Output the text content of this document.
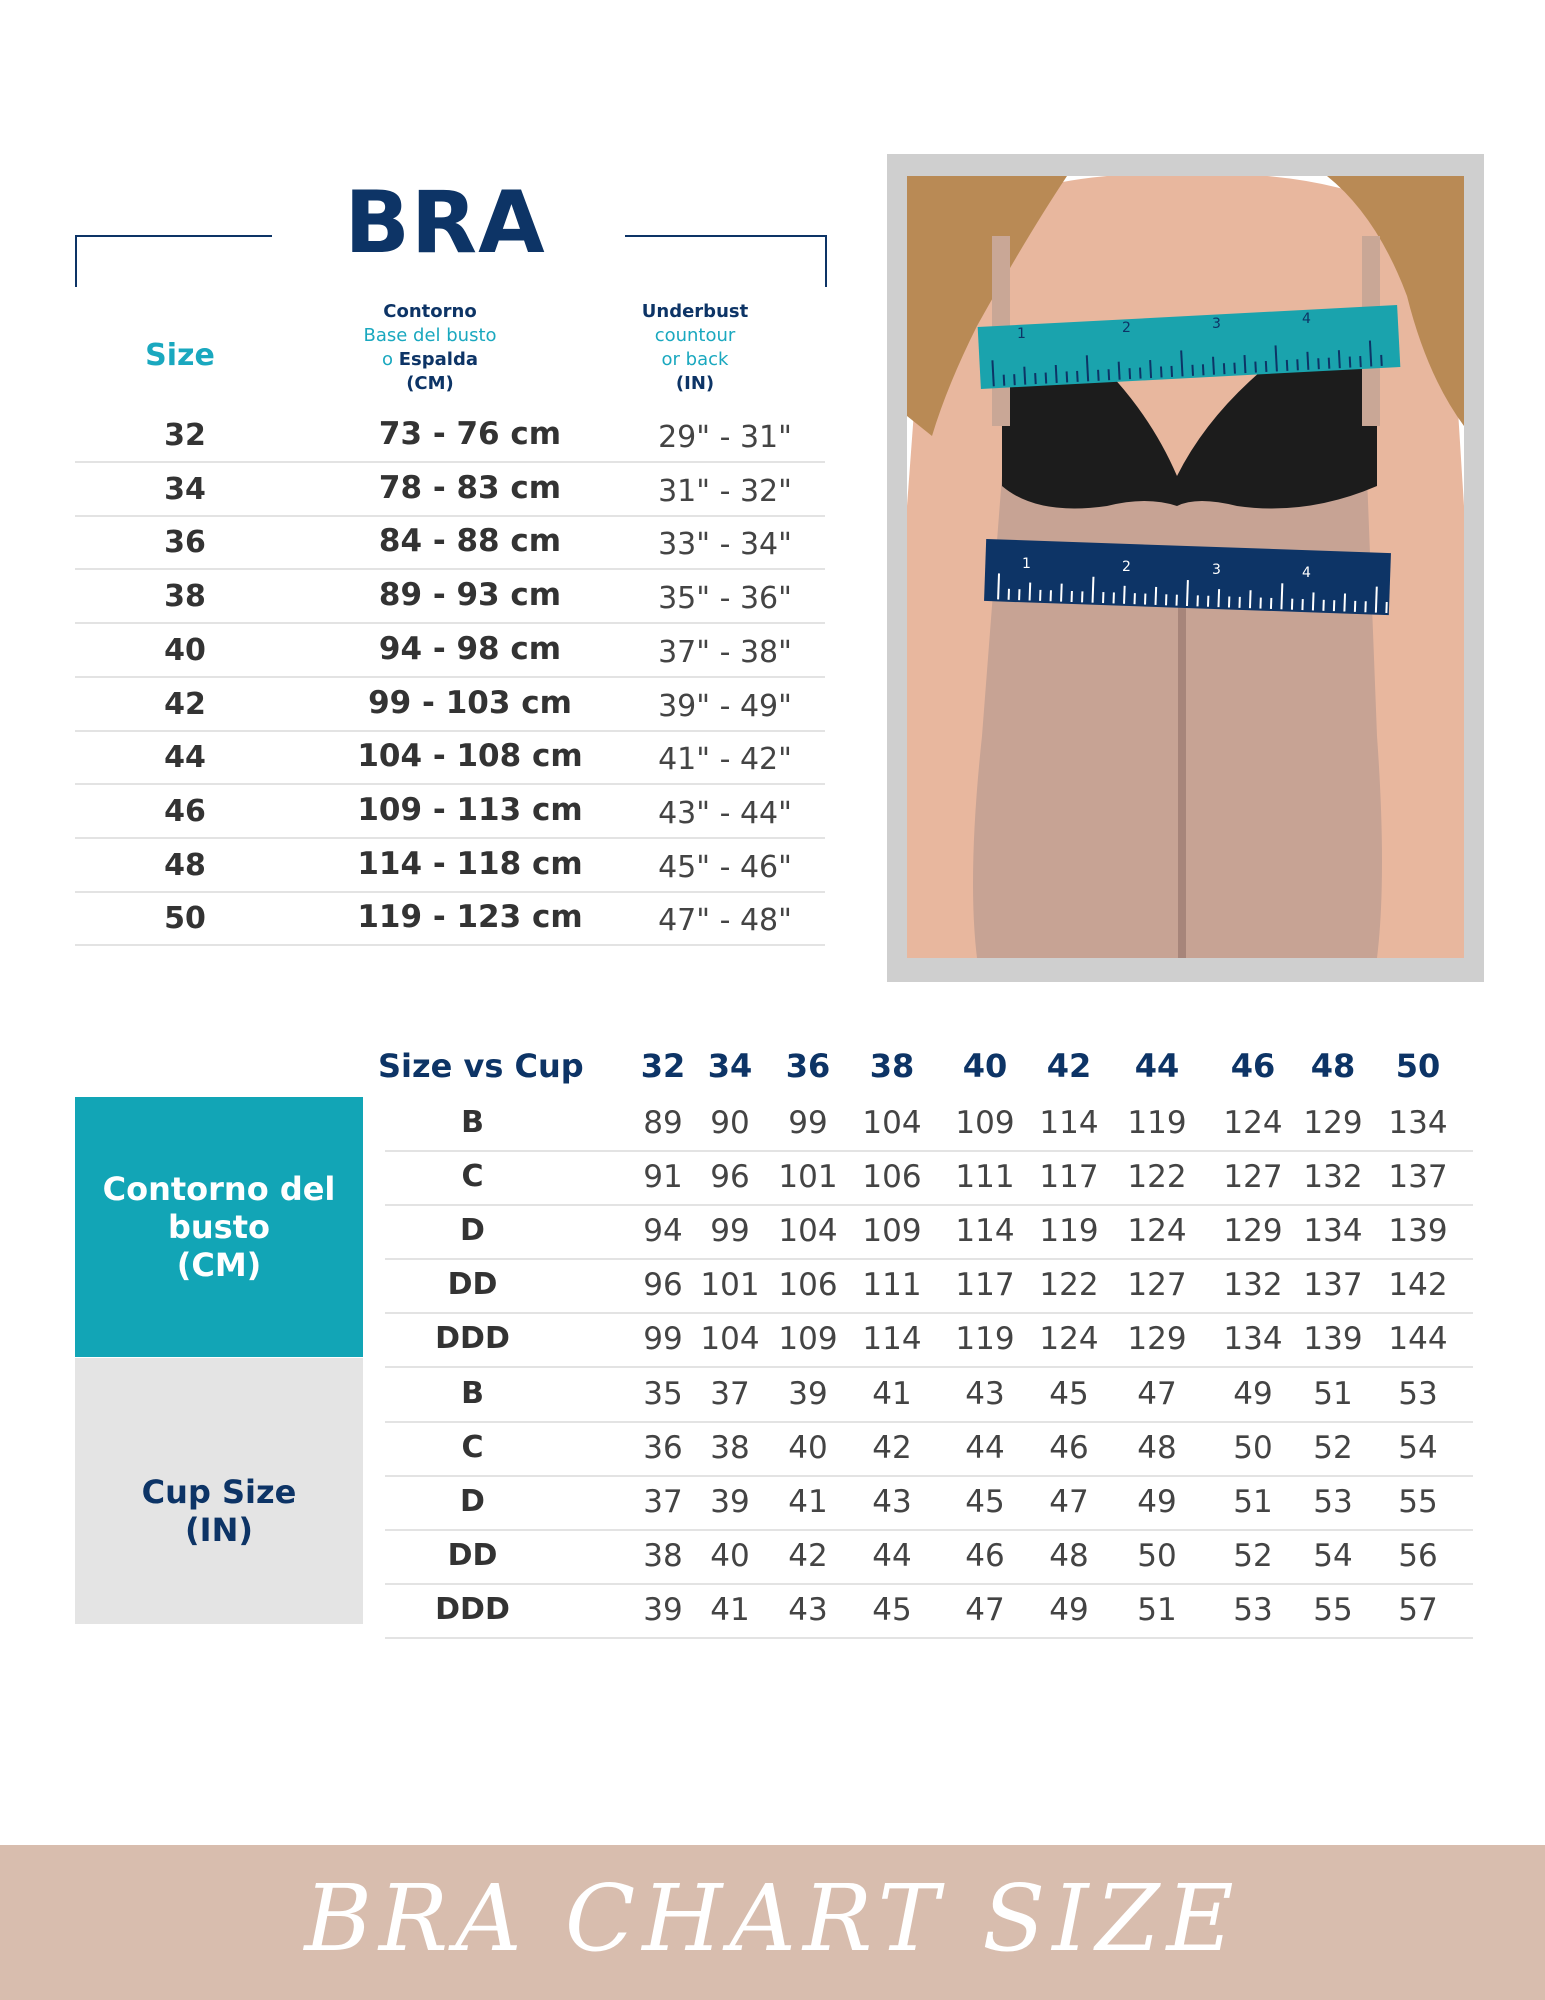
BRA
Size
Contorno
Base del busto
o Espalda
(CM)
Underbust
countour
or back
(IN)
32	73 - 76 cm	29" - 31"
34	78 - 83 cm	31" - 32"
36	84 - 88 cm	33" - 34"
38	89 - 93 cm	35" - 36"
40	94 - 98 cm	37" - 38"
42	99 - 103 cm	39" - 49"
44	104 - 108 cm	41" - 42"
46	109 - 113 cm	43" - 44"
48	114 - 118 cm	45" - 46"
50	119 - 123 cm	47" - 48"
1	2	3	4
1	2	3	4
Size vs Cup	32 34	36	38	40	42	44	46	48	50
Contorno del
busto
(CM)
Cup Size
(IN)
B	89 90	99	104 109 114 119 124 129 134
C	91 96 101 106 111 117 122 127 132 137
D	94 99 104 109 114 119 124 129 134 139
DD	96 101 106 111 117 122 127 132 137 142
DDD	99 104 109 114 119 124 129 134 139 144
B	35 37	39	41	43	45	47	49	51	53
C	36 38	40	42	44	46	48	50	52	54
D	37 39	41	43	45	47	49	51	53	55
DD	38 40	42	44	46	48	50	52	54	56
DDD	39 41	43	45	47	49	51	53	55	57
BRA CHART SIZE
